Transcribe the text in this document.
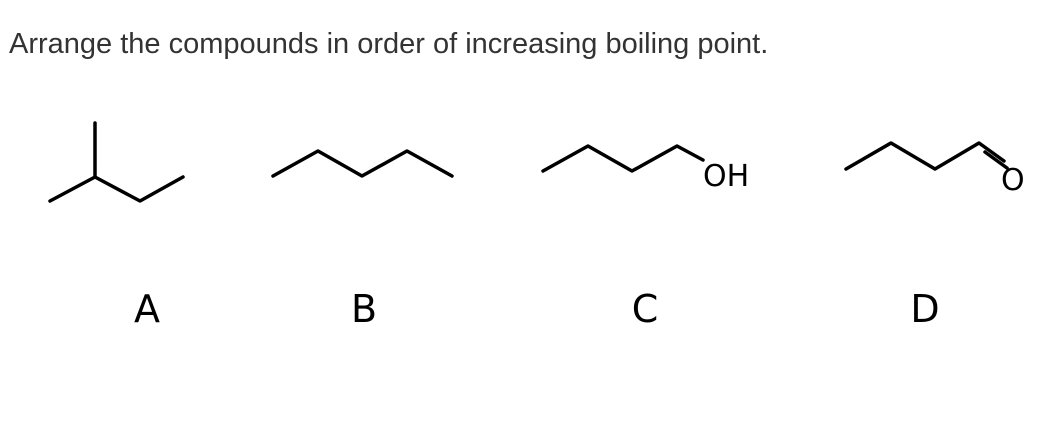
Arrange the compounds in order of increasing boiling point.
OH	O
A	B	C	D
